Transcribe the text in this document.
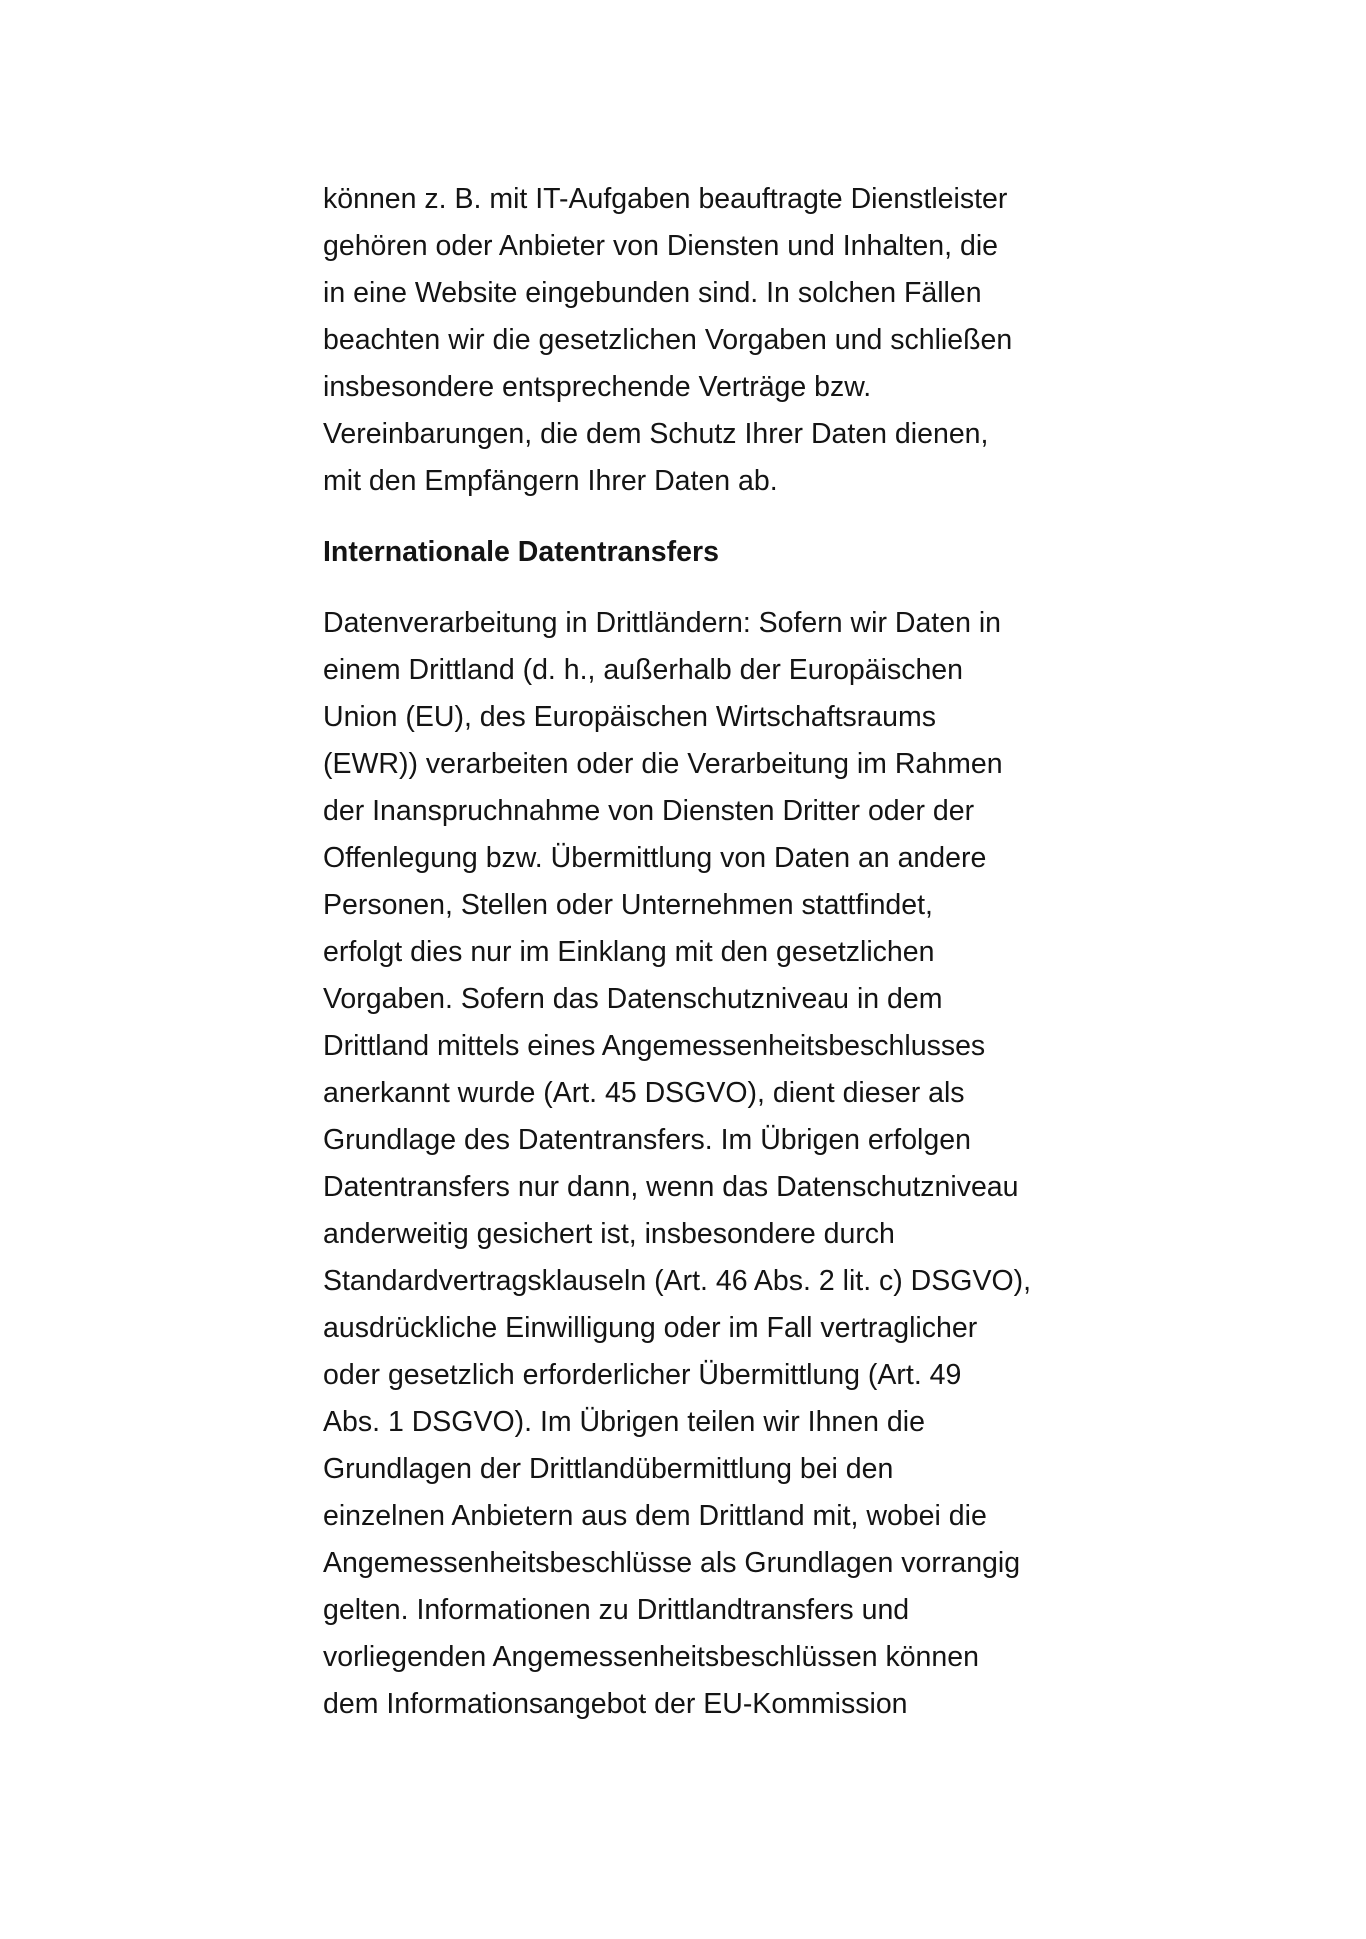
können z. B. mit IT-Aufgaben beauftragte Dienstleister
gehören oder Anbieter von Diensten und Inhalten, die
in eine Website eingebunden sind. In solchen Fällen
beachten wir die gesetzlichen Vorgaben und schließen
insbesondere entsprechende Verträge bzw.
Vereinbarungen, die dem Schutz Ihrer Daten dienen,
mit den Empfängern Ihrer Daten ab.
Internationale Datentransfers
Datenverarbeitung in Drittländern: Sofern wir Daten in
einem Drittland (d. h., außerhalb der Europäischen
Union (EU), des Europäischen Wirtschaftsraums
(EWR)) verarbeiten oder die Verarbeitung im Rahmen
der Inanspruchnahme von Diensten Dritter oder der
Offenlegung bzw. Übermittlung von Daten an andere
Personen, Stellen oder Unternehmen stattfindet,
erfolgt dies nur im Einklang mit den gesetzlichen
Vorgaben. Sofern das Datenschutzniveau in dem
Drittland mittels eines Angemessenheitsbeschlusses
anerkannt wurde (Art. 45 DSGVO), dient dieser als
Grundlage des Datentransfers. Im Übrigen erfolgen
Datentransfers nur dann, wenn das Datenschutzniveau
anderweitig gesichert ist, insbesondere durch
Standardvertragsklauseln (Art. 46 Abs. 2 lit. c) DSGVO),
ausdrückliche Einwilligung oder im Fall vertraglicher
oder gesetzlich erforderlicher Übermittlung (Art. 49
Abs. 1 DSGVO). Im Übrigen teilen wir Ihnen die
Grundlagen der Drittlandübermittlung bei den
einzelnen Anbietern aus dem Drittland mit, wobei die
Angemessenheitsbeschlüsse als Grundlagen vorrangig
gelten. Informationen zu Drittlandtransfers und
vorliegenden Angemessenheitsbeschlüssen können
dem Informationsangebot der EU-Kommission
